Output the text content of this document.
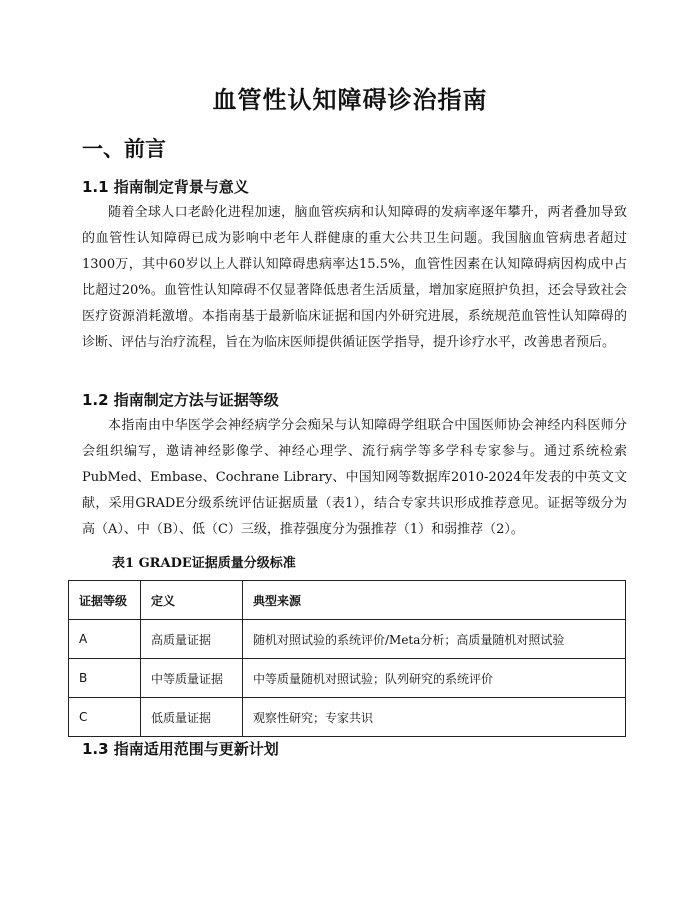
血管性认知障碍诊治指南
一、前言
1.1 指南制定背景与意义

随着全球人口老龄化进程加速，脑血管疾病和认知障碍的发病率逐年攀升，两者叠加导致的血管性认知障碍已成为影响中老年人群健康的重大公共卫生问题。我国脑血管病患者超过1300万，其中60岁以上人群认知障碍患病率达15.5%，血管性因素在认知障碍病因构成中占比超过20%。血管性认知障碍不仅显著降低患者生活质量，增加家庭照护负担，还会导致社会医疗资源消耗激增。本指南基于最新临床证据和国内外研究进展，系统规范血管性认知障碍的诊断、评估与治疗流程，旨在为临床医师提供循证医学指导，提升诊疗水平，改善患者预后。

1.2 指南制定方法与证据等级

本指南由中华医学会神经病学分会痴呆与认知障碍学组联合中国医师协会神经内科医师分会组织编写，邀请神经影像学、神经心理学、流行病学等多学科专家参与。通过系统检索PubMed、Embase、Cochrane Library、中国知网等数据库2010-2024年发表的中英文文献，采用GRADE分级系统评估证据质量（表1），结合专家共识形成推荐意见。证据等级分为高（A）、中（B）、低（C）三级，推荐强度分为强推荐（1）和弱推荐（2）。

表1 GRADE证据质量分级标准
证据等级	定义	典型来源
A	高质量证据	随机对照试验的系统评价/Meta分析；高质量随机对照试验
B	中等质量证据	中等质量随机对照试验；队列研究的系统评价
C	低质量证据	观察性研究；专家共识
1.3 指南适用范围与更新计划
